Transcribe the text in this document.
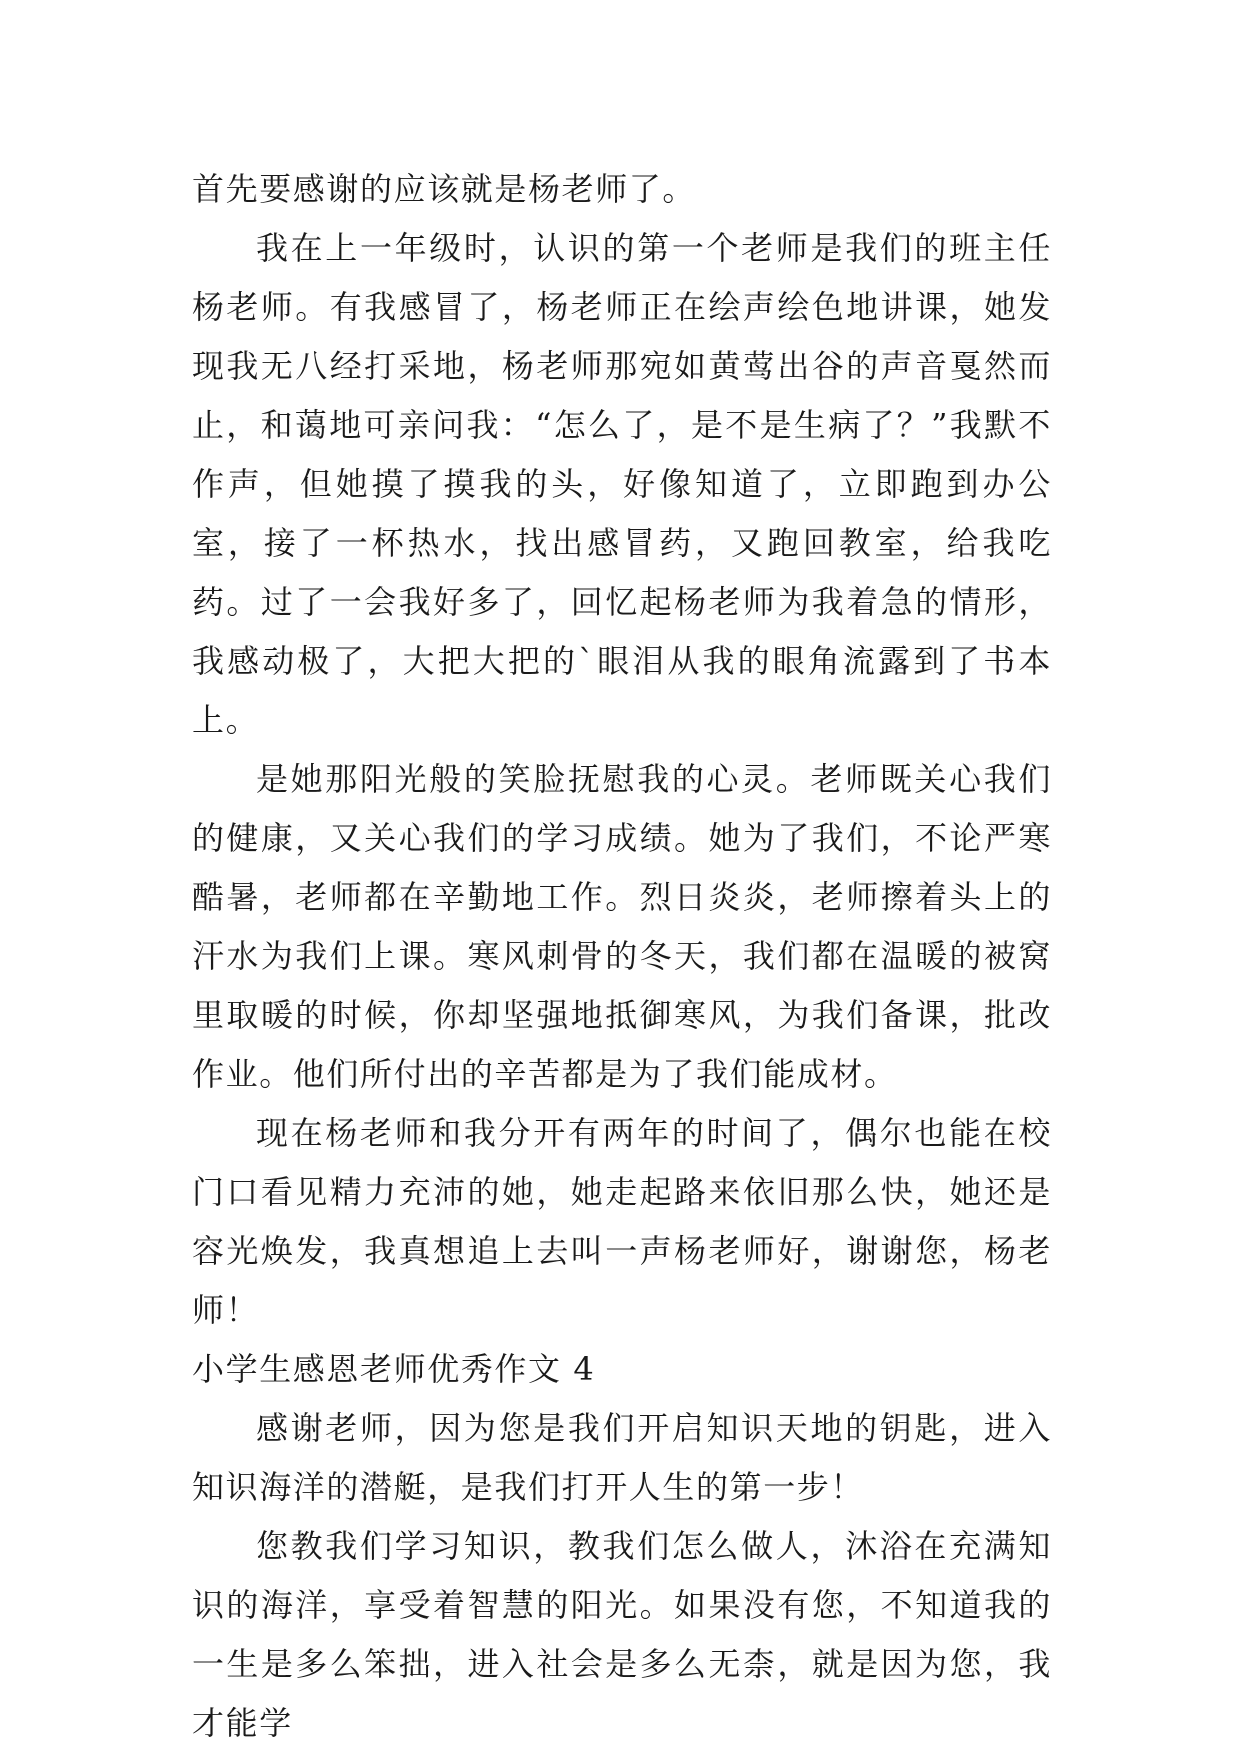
首先要感谢的应该就是杨老师了。

我在上一年级时，认识的第一个老师是我们的班主任杨老师。有我感冒了，杨老师正在绘声绘色地讲课，她发现我无八经打采地，杨老师那宛如黄莺出谷的声音戛然而止，和蔼地可亲问我：“怎么了，是不是生病了？”我默不作声，但她摸了摸我的头，好像知道了，立即跑到办公室，接了一杯热水，找出感冒药，又跑回教室，给我吃药。过了一会我好多了，回忆起杨老师为我着急的情形，我感动极了，大把大把的`眼泪从我的眼角流露到了书本上。

是她那阳光般的笑脸抚慰我的心灵。老师既关心我们的健康，又关心我们的学习成绩。她为了我们，不论严寒酷暑，老师都在辛勤地工作。烈日炎炎，老师擦着头上的汗水为我们上课。寒风刺骨的冬天，我们都在温暖的被窝里取暖的时候，你却坚强地抵御寒风，为我们备课，批改作业。他们所付出的辛苦都是为了我们能成材。

现在杨老师和我分开有两年的时间了，偶尔也能在校门口看见精力充沛的她，她走起路来依旧那么快，她还是容光焕发，我真想追上去叫一声杨老师好，谢谢您，杨老师！

小学生感恩老师优秀作文 4

感谢老师，因为您是我们开启知识天地的钥匙，进入知识海洋的潜艇，是我们打开人生的第一步！

您教我们学习知识，教我们怎么做人，沐浴在充满知识的海洋，享受着智慧的阳光。如果没有您，不知道我的一生是多么笨拙，进入社会是多么无柰，就是因为您，我才能学
